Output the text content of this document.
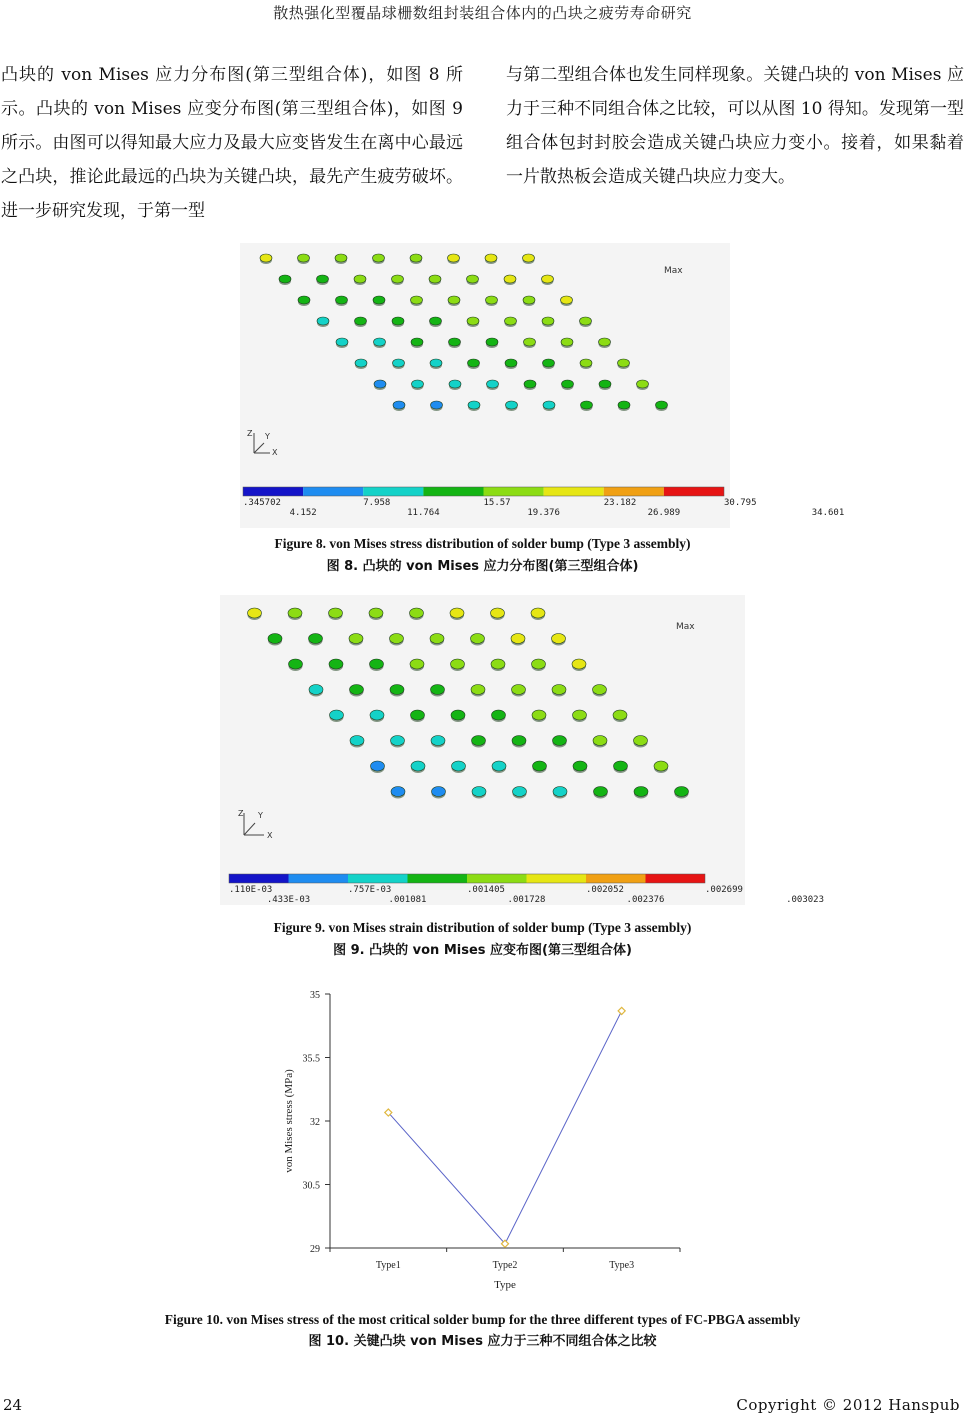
散热强化型覆晶球栅数组封装组合体内的凸块之疲劳寿命研究
凸块的 von Mises 应力分布图(第三型组合体)，如图 8 所示。凸块的 von Mises 应变分布图(第三型组合体)，如图 9 所示。由图可以得知最大应力及最大应变皆发生在离中心最远之凸块，推论此最远的凸块为关键凸块，最先产生疲劳破坏。进一步研究发现，于第一型
与第二型组合体也发生同样现象。关键凸块的 von Mises 应力于三种不同组合体之比较，可以从图 10 得知。发现第一型组合体包封封胶会造成关键凸块应力变小。接着，如果黏着一片散热板会造成关键凸块应力变大。
Max
Z Y
X
.345702	7.958	15.57	23.182	30.795
4.152	11.764	19.376	26.989	34.601
Figure 8. von Mises stress distribution of solder bump (Type 3 assembly)
图 8. 凸块的 von Mises 应力分布图(第三型组合体)
Max
Z Y
X
.110E-03	.757E-03	.001405	.002052	.002699
.433E-03	.001081	.001728	.002376	.003023
Figure 9. von Mises strain distribution of solder bump (Type 3 assembly)
图 9. 凸块的 von Mises 应变布图(第三型组合体)
29
30.5
32
35.5
35
Type1	Type2	Type3
Type
von Mises stress (MPa)
Figure 10. von Mises stress of the most critical solder bump for the three different types of FC-PBGA assembly
图 10. 关键凸块 von Mises 应力于三种不同组合体之比较
24	Copyright © 2012 Hanspub
